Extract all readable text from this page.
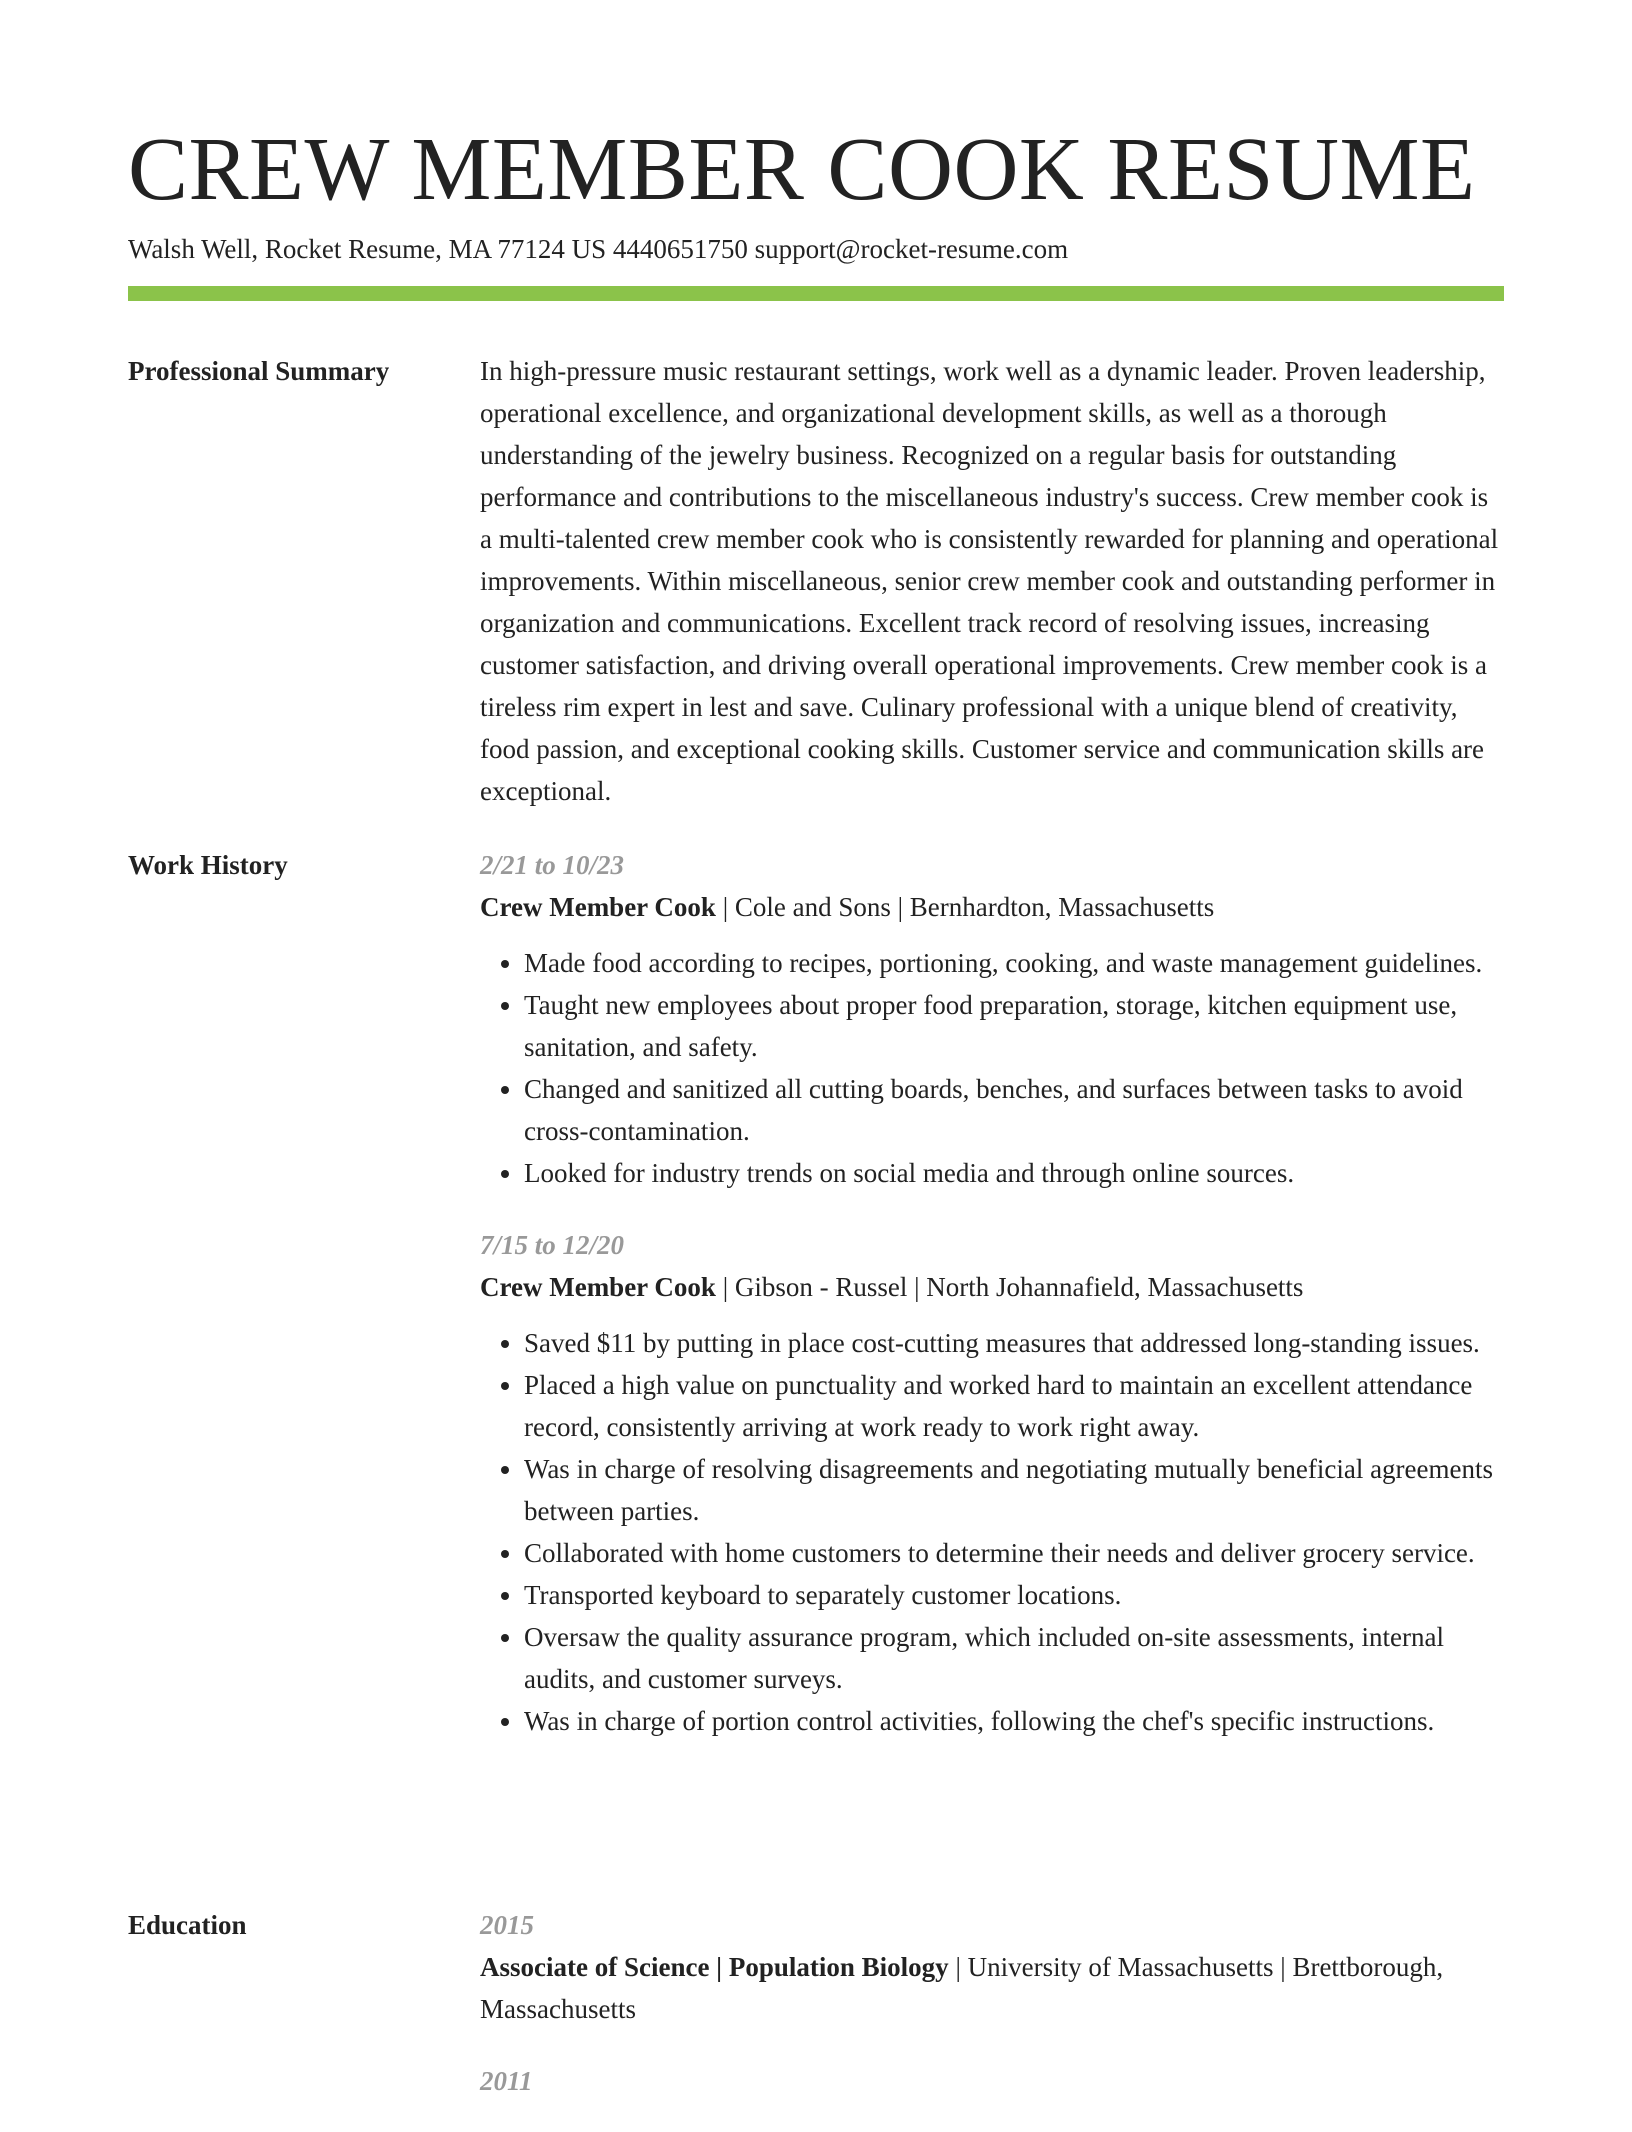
CREW MEMBER COOK RESUME
Walsh Well, Rocket Resume, MA 77124 US 4440651750 support@rocket-resume.com
Professional Summary	In high-pressure music restaurant settings, work well as a dynamic leader. Proven leadership, operational excellence, and organizational development skills, as well as a thorough understanding of the jewelry business. Recognized on a regular basis for outstanding performance and contributions to the miscellaneous industry's success. Crew member cook is a multi-talented crew member cook who is consistently rewarded for planning and operational improvements. Within miscellaneous, senior crew member cook and outstanding performer in organization and communications. Excellent track record of resolving issues, increasing customer satisfaction, and driving overall operational improvements. Crew member cook is a tireless rim expert in lest and save. Culinary professional with a unique blend of creativity, food passion, and exceptional cooking skills. Customer service and communication skills are exceptional.

Work History	2/21 to 10/23
Crew Member Cook | Cole and Sons | Bernhardton, Massachusetts
• Made food according to recipes, portioning, cooking, and waste management guidelines.
• Taught new employees about proper food preparation, storage, kitchen equipment use, sanitation, and safety.
• Changed and sanitized all cutting boards, benches, and surfaces between tasks to avoid cross-contamination.
• Looked for industry trends on social media and through online sources.
7/15 to 12/20
Crew Member Cook | Gibson - Russel | North Johannafield, Massachusetts
• Saved $11 by putting in place cost-cutting measures that addressed long-standing issues.
• Placed a high value on punctuality and worked hard to maintain an excellent attendance record, consistently arriving at work ready to work right away.
• Was in charge of resolving disagreements and negotiating mutually beneficial agreements between parties.
• Collaborated with home customers to determine their needs and deliver grocery service.
• Transported keyboard to separately customer locations.
• Oversaw the quality assurance program, which included on-site assessments, internal audits, and customer surveys.
• Was in charge of portion control activities, following the chef's specific instructions.
Education	2015
Associate of Science | Population Biology | University of Massachusetts | Brettborough, Massachusetts
2011
